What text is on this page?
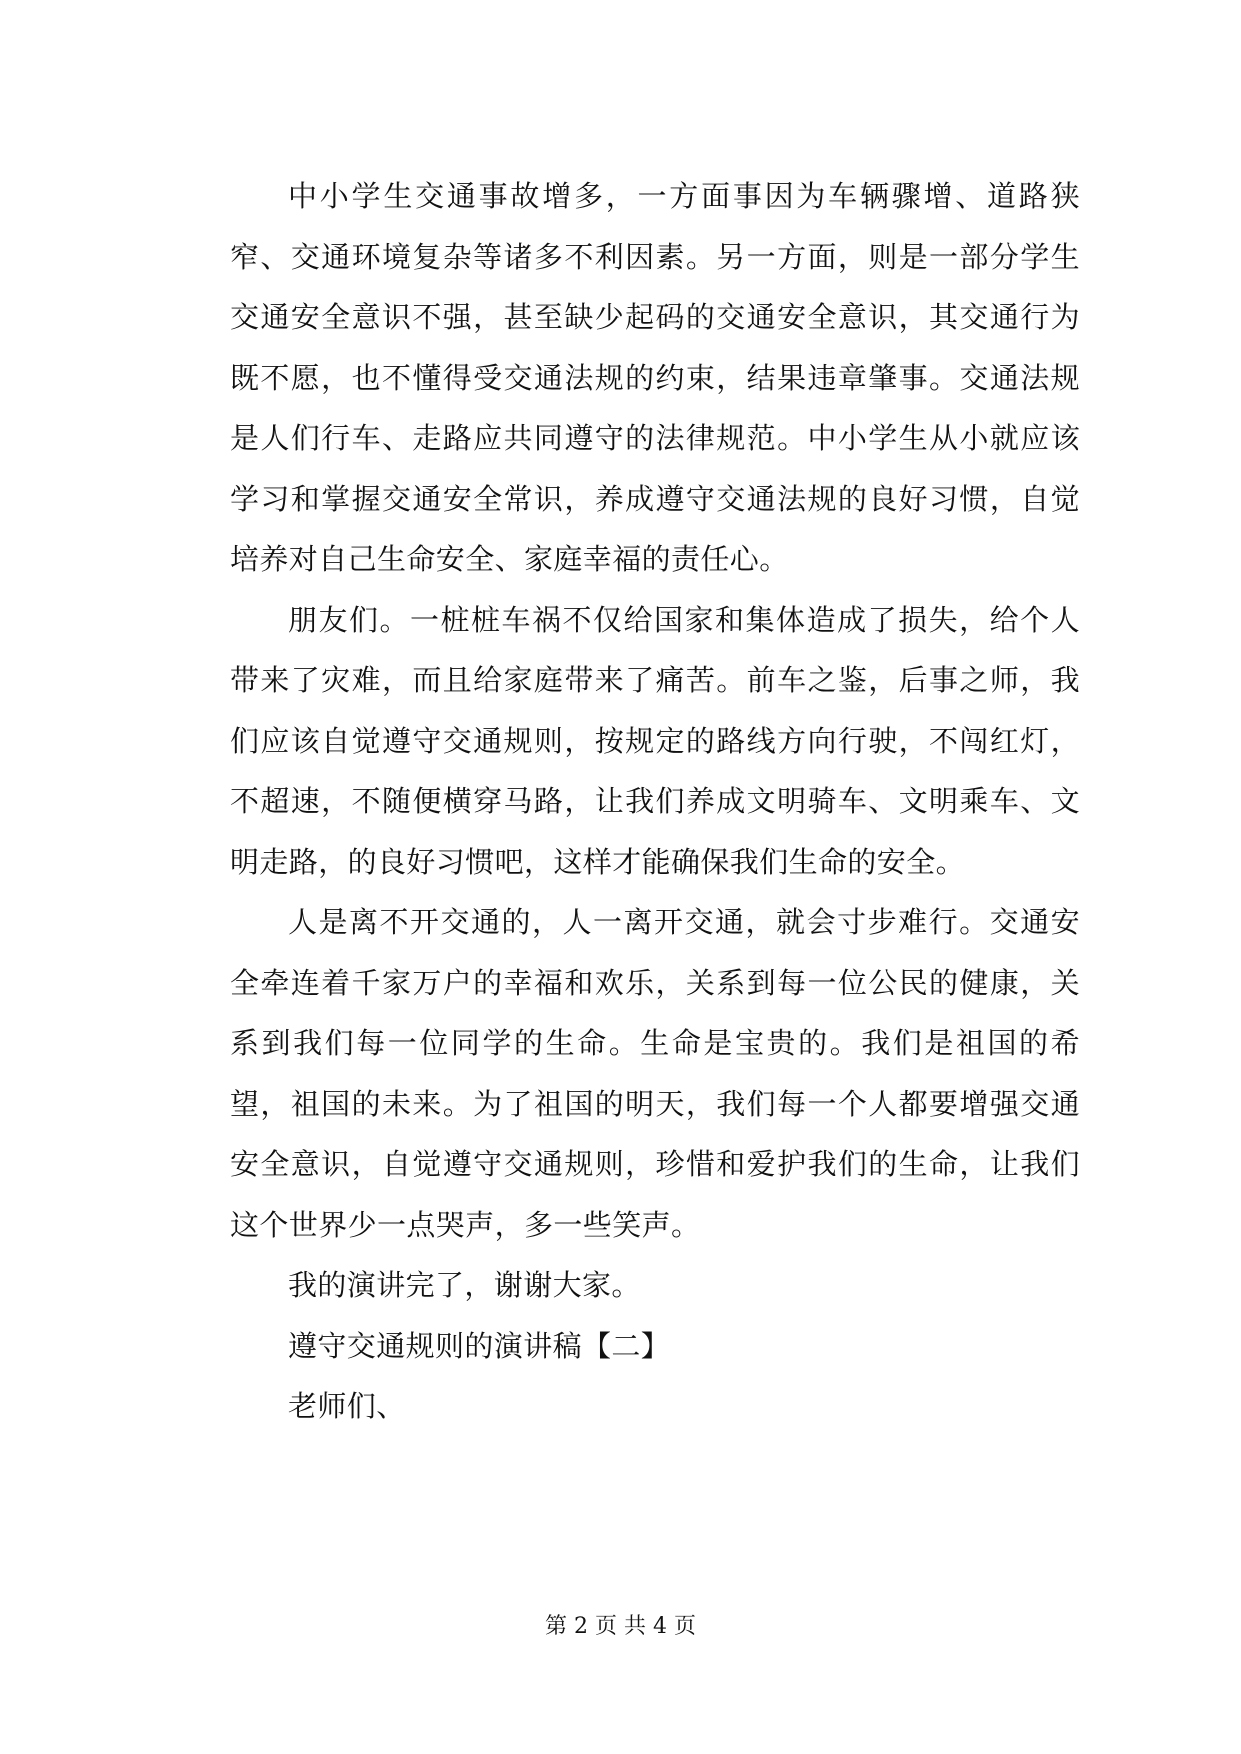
中小学生交通事故增多，一方面事因为车辆骤增、道路狭窄、交通环境复杂等诸多不利因素。另一方面，则是一部分学生交通安全意识不强，甚至缺少起码的交通安全意识，其交通行为既不愿，也不懂得受交通法规的约束，结果违章肇事。交通法规是人们行车、走路应共同遵守的法律规范。中小学生从小就应该学习和掌握交通安全常识，养成遵守交通法规的良好习惯，自觉培养对自己生命安全、家庭幸福的责任心。

朋友们。一桩桩车祸不仅给国家和集体造成了损失，给个人带来了灾难，而且给家庭带来了痛苦。前车之鉴，后事之师，我们应该自觉遵守交通规则，按规定的路线方向行驶，不闯红灯，不超速，不随便横穿马路，让我们养成文明骑车、文明乘车、文明走路，的良好习惯吧，这样才能确保我们生命的安全。

人是离不开交通的，人一离开交通，就会寸步难行。交通安全牵连着千家万户的幸福和欢乐，关系到每一位公民的健康，关系到我们每一位同学的生命。生命是宝贵的。我们是祖国的希望，祖国的未来。为了祖国的明天，我们每一个人都要增强交通安全意识，自觉遵守交通规则，珍惜和爱护我们的生命，让我们这个世界少一点哭声，多一些笑声。

我的演讲完了，谢谢大家。

遵守交通规则的演讲稿【二】

老师们、

第 2 页 共 4 页
